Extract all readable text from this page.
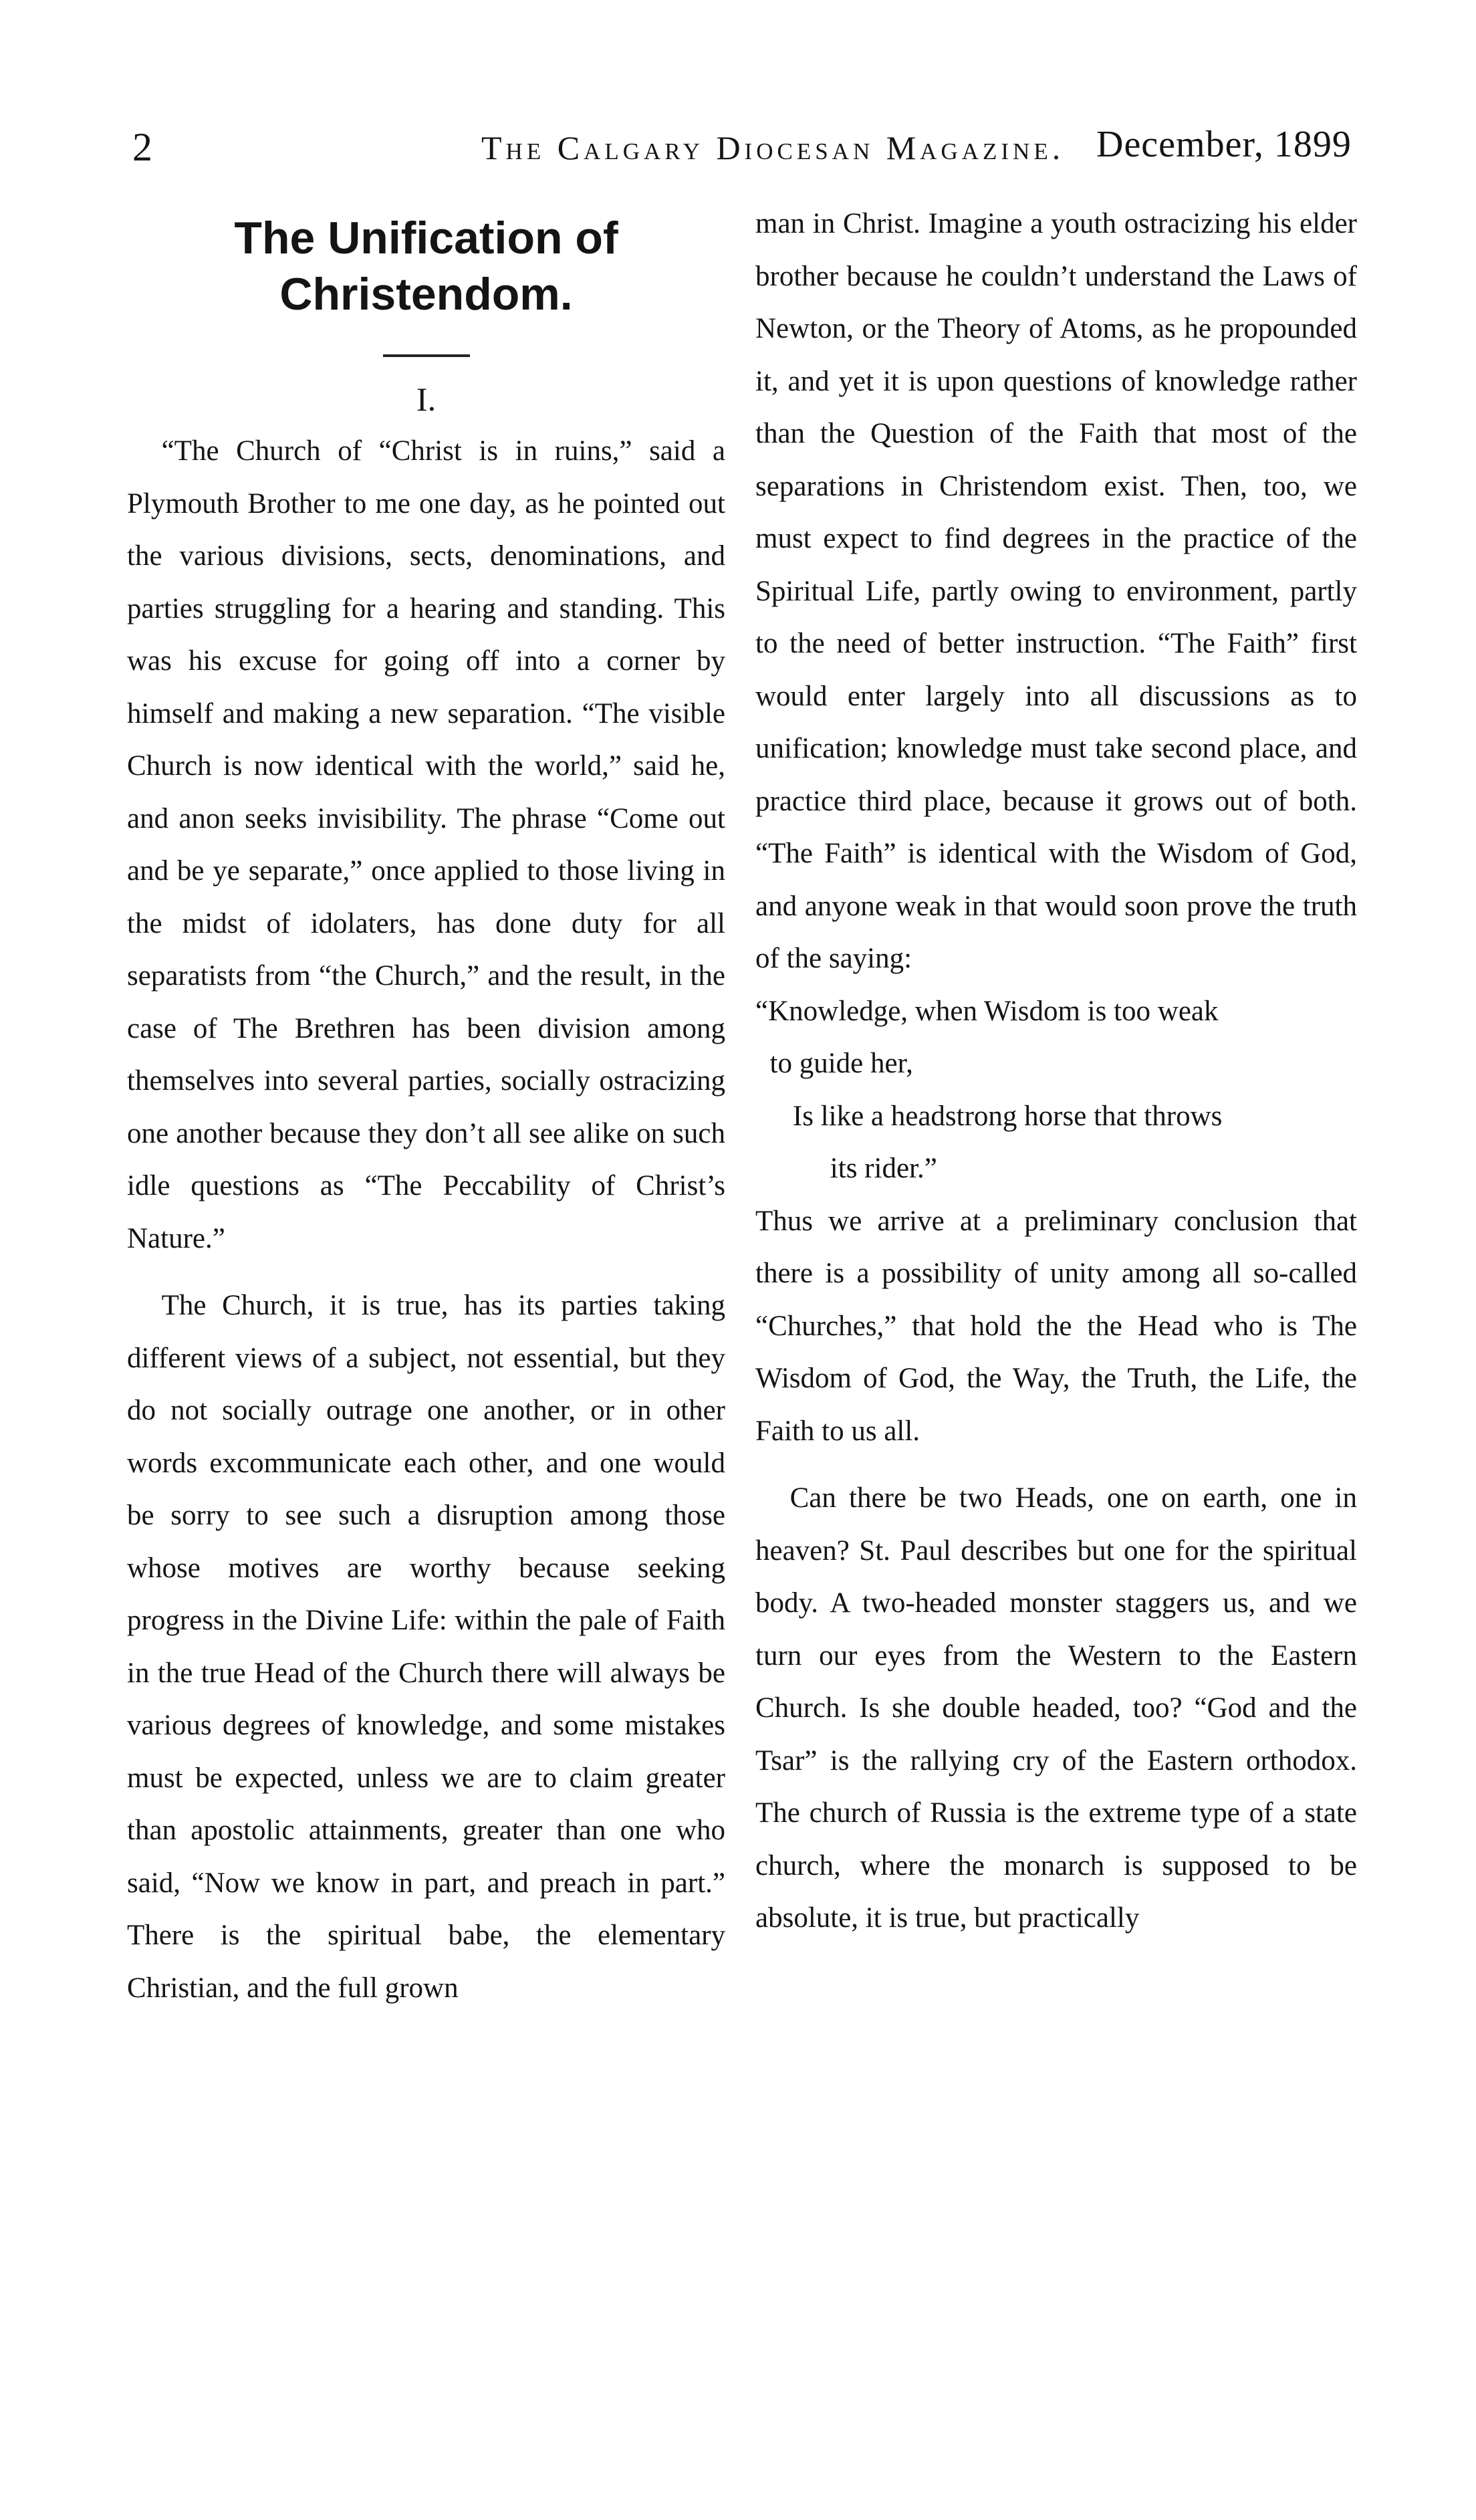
2	The Calgary Diocesan Magazine. December, 1899
The Unification of Christendom.
I.

“The Church of “Christ is in ruins,” said a Plymouth Brother to me one day, as he pointed out the various divisions, sects, denominations, and parties struggling for a hearing and standing. This was his excuse for going off into a corner by himself and making a new separation. “The visible Church is now identical with the world,” said he, and anon seeks invisibility. The phrase “Come out and be ye separate,” once applied to those living in the midst of idolaters, has done duty for all separatists from “the Church,” and the result, in the case of The Brethren has been division among themselves into several parties, socially ostracizing one another because they don’t all see alike on such idle questions as “The Peccability of Christ’s Nature.”

The Church, it is true, has its parties taking different views of a subject, not essential, but they do not socially outrage one another, or in other words excommunicate each other, and one would be sorry to see such a disruption among those whose motives are worthy because seeking progress in the Divine Life: within the pale of Faith in the true Head of the Church there will always be various degrees of knowledge, and some mistakes must be expected, unless we are to claim greater than apostolic attainments, greater than one who said, “Now we know in part, and preach in part.” There is the spiritual babe, the elementary Christian, and the full grown

man in Christ. Imagine a youth ostracizing his elder brother because he couldn’t understand the Laws of Newton, or the Theory of Atoms, as he propounded it, and yet it is upon questions of knowledge rather than the Question of the Faith that most of the separations in Christendom exist. Then, too, we must expect to find degrees in the practice of the Spiritual Life, partly owing to environment, partly to the need of better instruction. “The Faith” first would enter largely into all discussions as to unification; knowledge must take second place, and practice third place, because it grows out of both. “The Faith” is identical with the Wisdom of God, and anyone weak in that would soon prove the truth of the saying:

“Knowledge, when Wisdom is too weak
to guide her,
Is like a headstrong horse that throws
its rider.”

Thus we arrive at a preliminary conclusion that there is a possibility of unity among all so-called “Churches,” that hold the the Head who is The Wisdom of God, the Way, the Truth, the Life, the Faith to us all.

Can there be two Heads, one on earth, one in heaven? St. Paul describes but one for the spiritual body. A two-headed monster staggers us, and we turn our eyes from the Western to the Eastern Church. Is she double headed, too? “God and the Tsar” is the rallying cry of the Eastern orthodox. The church of Russia is the extreme type of a state church, where the monarch is supposed to be absolute, it is true, but practically
